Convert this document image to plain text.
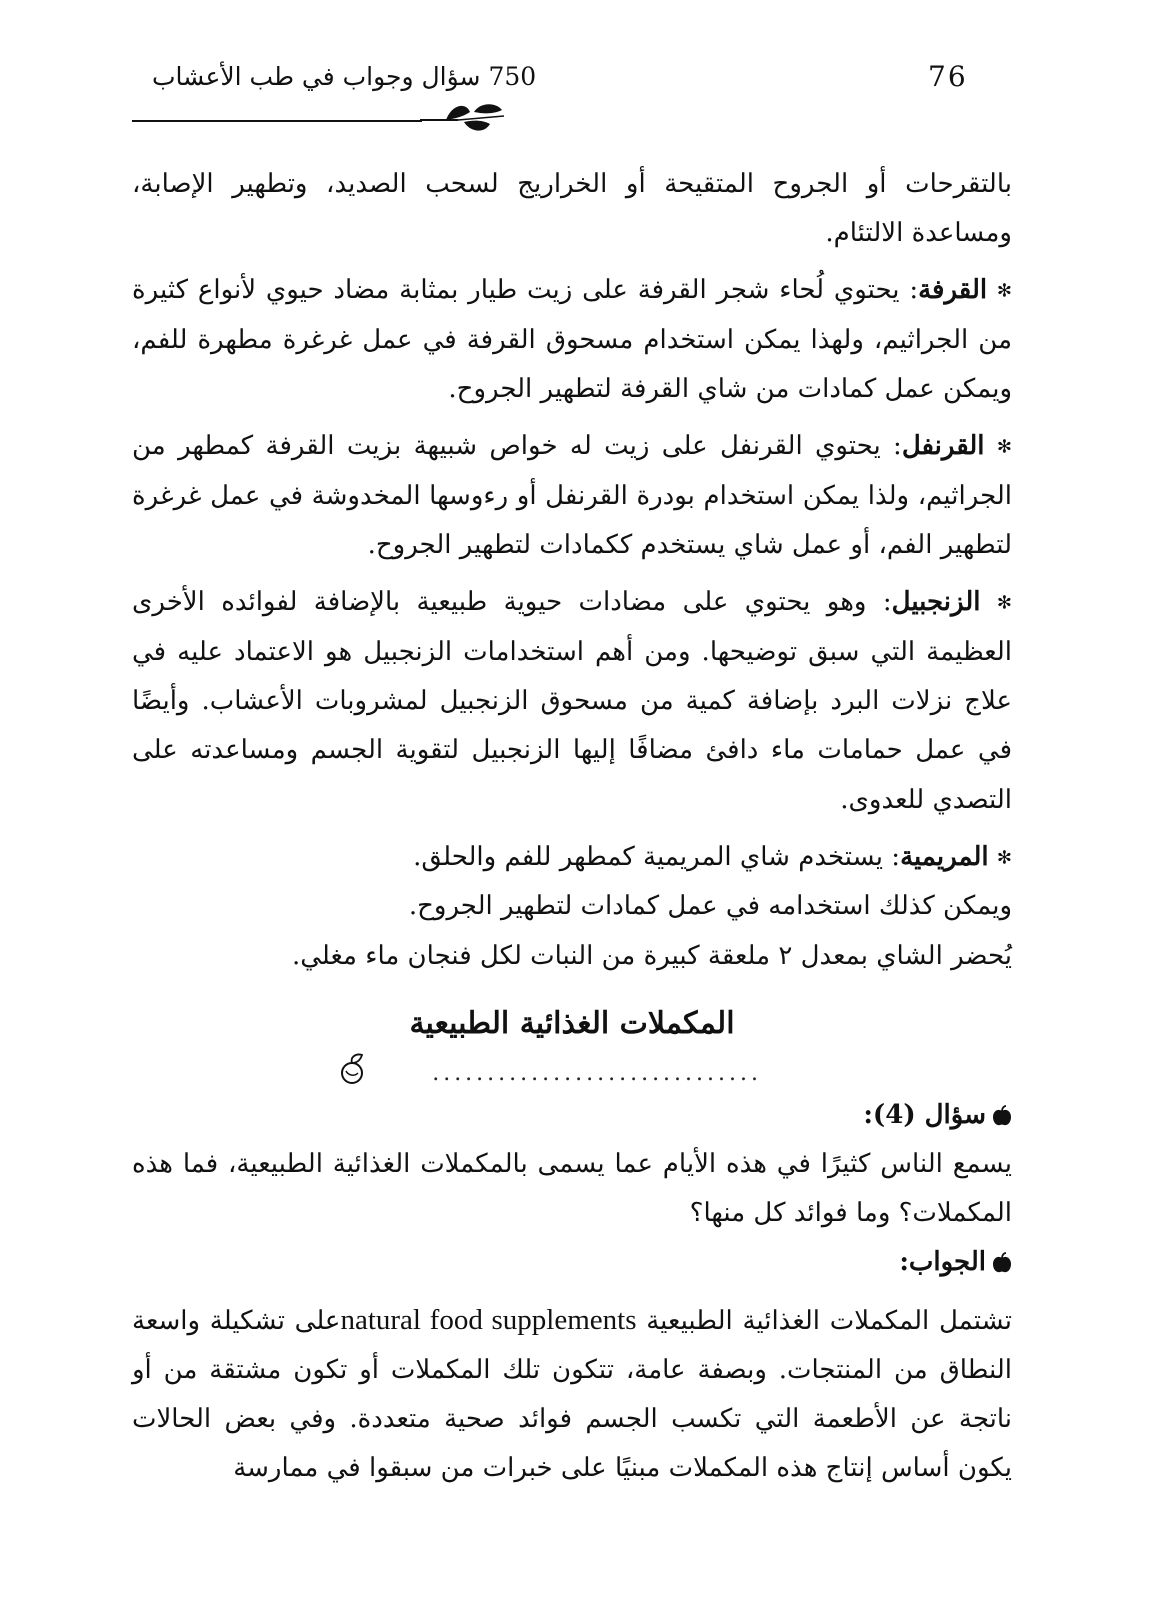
750 سؤال وجواب في طب الأعشاب	76

بالتقرحات أو الجروح المتقيحة أو الخراريج لسحب الصديد، وتطهير الإصابة، ومساعدة الالتئام.

✻ القرفة: يحتوي لُحاء شجر القرفة على زيت طيار بمثابة مضاد حيوي لأنواع كثيرة من الجراثيم، ولهذا يمكن استخدام مسحوق القرفة في عمل غرغرة مطهرة للفم، ويمكن عمل كمادات من شاي القرفة لتطهير الجروح.

✻ القرنفل: يحتوي القرنفل على زيت له خواص شبيهة بزيت القرفة كمطهر من الجراثيم، ولذا يمكن استخدام بودرة القرنفل أو رءوسها المخدوشة في عمل غرغرة لتطهير الفم، أو عمل شاي يستخدم ككمادات لتطهير الجروح.

✻ الزنجبيل: وهو يحتوي على مضادات حيوية طبيعية بالإضافة لفوائده الأخرى العظيمة التي سبق توضيحها. ومن أهم استخدامات الزنجبيل هو الاعتماد عليه في علاج نزلات البرد بإضافة كمية من مسحوق الزنجبيل لمشروبات الأعشاب. وأيضًا في عمل حمامات ماء دافئ مضافًا إليها الزنجبيل لتقوية الجسم ومساعدته على التصدي للعدوى.

✻ المريمية: يستخدم شاي المريمية كمطهر للفم والحلق.

ويمكن كذلك استخدامه في عمل كمادات لتطهير الجروح.

يُحضر الشاي بمعدل ٢ ملعقة كبيرة من النبات لكل فنجان ماء مغلي.

المكملات الغذائية الطبيعية
..............................

سؤال (4):

يسمع الناس كثيرًا في هذه الأيام عما يسمى بالمكملات الغذائية الطبيعية، فما هذه المكملات؟ وما فوائد كل منها؟

الجواب:

تشتمل المكملات الغذائية الطبيعية natural food supplementsعلى تشكيلة واسعة النطاق من المنتجات. وبصفة عامة، تتكون تلك المكملات أو تكون مشتقة من أو ناتجة عن الأطعمة التي تكسب الجسم فوائد صحية متعددة. وفي بعض الحالات يكون أساس إنتاج هذه المكملات مبنيًا على خبرات من سبقوا في ممارسة
